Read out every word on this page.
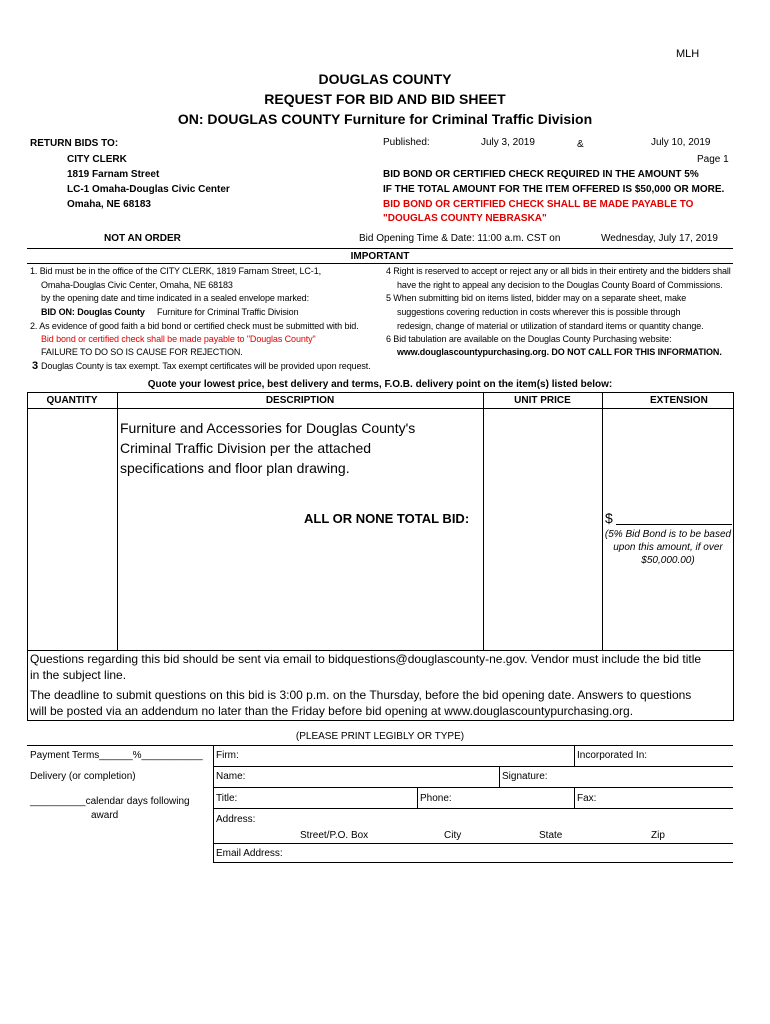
MLH
DOUGLAS COUNTY
REQUEST FOR BID AND BID SHEET
ON: DOUGLAS COUNTY Furniture for Criminal Traffic Division
RETURN BIDS TO:
CITY CLERK
1819 Farnam Street
LC-1 Omaha-Douglas Civic Center
Omaha, NE 68183
Published:	July 3, 2019	&	July 10, 2019
Page 1
BID BOND OR CERTIFIED CHECK REQUIRED IN THE AMOUNT 5%
IF THE TOTAL AMOUNT FOR THE ITEM OFFERED IS $50,000 OR MORE.
BID BOND OR CERTIFIED CHECK SHALL BE MADE PAYABLE TO
"DOUGLAS COUNTY NEBRASKA"
NOT AN ORDER	Bid Opening Time & Date: 11:00 a.m. CST on	Wednesday, July 17, 2019
IMPORTANT
1. Bid must be in the office of the CITY CLERK, 1819 Farnam Street, LC-1,
Omaha-Douglas Civic Center, Omaha, NE 68183
by the opening date and time indicated in a sealed envelope marked:
BID ON: Douglas County Furniture for Criminal Traffic Division
2. As evidence of good faith a bid bond or certified check must be submitted with bid.
Bid bond or certified check shall be made payable to "Douglas County"
FAILURE TO DO SO IS CAUSE FOR REJECTION.
3 Douglas County is tax exempt. Tax exempt certificates will be provided upon request.
4 Right is reserved to accept or reject any or all bids in their entirety and the bidders shall
have the right to appeal any decision to the Douglas County Board of Commissions.
5 When submitting bid on items listed, bidder may on a separate sheet, make
suggestions covering reduction in costs wherever this is possible through
redesign, change of material or utilization of standard items or quantity change.
6 Bid tabulation are available on the Douglas County Purchasing website:
www.douglascountypurchasing.org. DO NOT CALL FOR THIS INFORMATION.
Quote your lowest price, best delivery and terms, F.O.B. delivery point on the item(s) listed below:
QUANTITY	DESCRIPTION	UNIT PRICE	EXTENSION
Furniture and Accessories for Douglas County's
Criminal Traffic Division per the attached
specifications and floor plan drawing.
ALL OR NONE TOTAL BID:	$
(5% Bid Bond is to be based
upon this amount, if over
$50,000.00)
Questions regarding this bid should be sent via email to bidquestions@douglascounty-ne.gov. Vendor must include the bid title
in the subject line.
The deadline to submit questions on this bid is 3:00 p.m. on the Thursday, before the bid opening date. Answers to questions
will be posted via an addendum no later than the Friday before bid opening at www.douglascountypurchasing.org.
(PLEASE PRINT LEGIBLY OR TYPE)
Payment Terms______%___________
Delivery (or completion)
__________calendar days following
award
Firm:	Incorporated In:
Name:	Signature:
Title:	Phone:	Fax:
Address:
Street/P.O. Box	City	State	Zip
Email Address:
